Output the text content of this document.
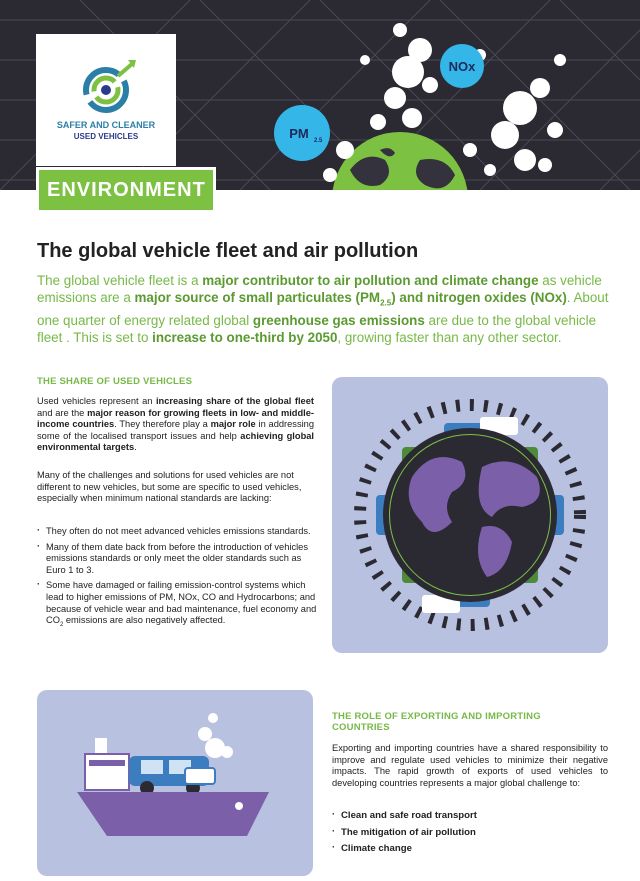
NOx
PM 2.5
SAFER AND CLEANER
USED VEHICLES
ENVIRONMENT
The global vehicle fleet and air pollution

The global vehicle fleet is a major contributor to air pollution and climate change as vehicle emissions are a major source of small particulates $(PM_{2.5})$ and nitrogen oxides (NOx). About one quarter of energy related global greenhouse gas emissions are due to the global vehicle fleet . This is set to increase to one-third by 2050, growing faster than any other sector.

THE SHARE OF USED VEHICLES

Used vehicles represent an increasing share of the global fleet and are the major reason for growing fleets in low- and middle-income countries. They therefore play a major role in addressing some of the localised transport issues and help achieving global environmental targets.

Many of the challenges and solutions for used vehicles are not different to new vehicles, but some are specific to used vehicles, especially when minimum national standards are lacking:

· They often do not meet advanced vehicles emissions standards.
· Many of them date back from before the introduction of vehicles emissions standards or only meet the older standards such as Euro 1 to 3.
· Some have damaged or failing emission-control systems which lead to higher emissions of PM, NOx, CO and Hydrocarbons; and because of vehicle wear and bad maintenance, fuel economy and $CO_2$ emissions are also negatively affected.
THE ROLE OF EXPORTING AND IMPORTING
COUNTRIES

Exporting and importing countries have a shared responsibility to improve and regulate used vehicles to minimize their negative impacts. The rapid growth of exports of used vehicles to developing countries represents a major global challenge to:

· Clean and safe road transport
· The mitigation of air pollution
· Climate change
